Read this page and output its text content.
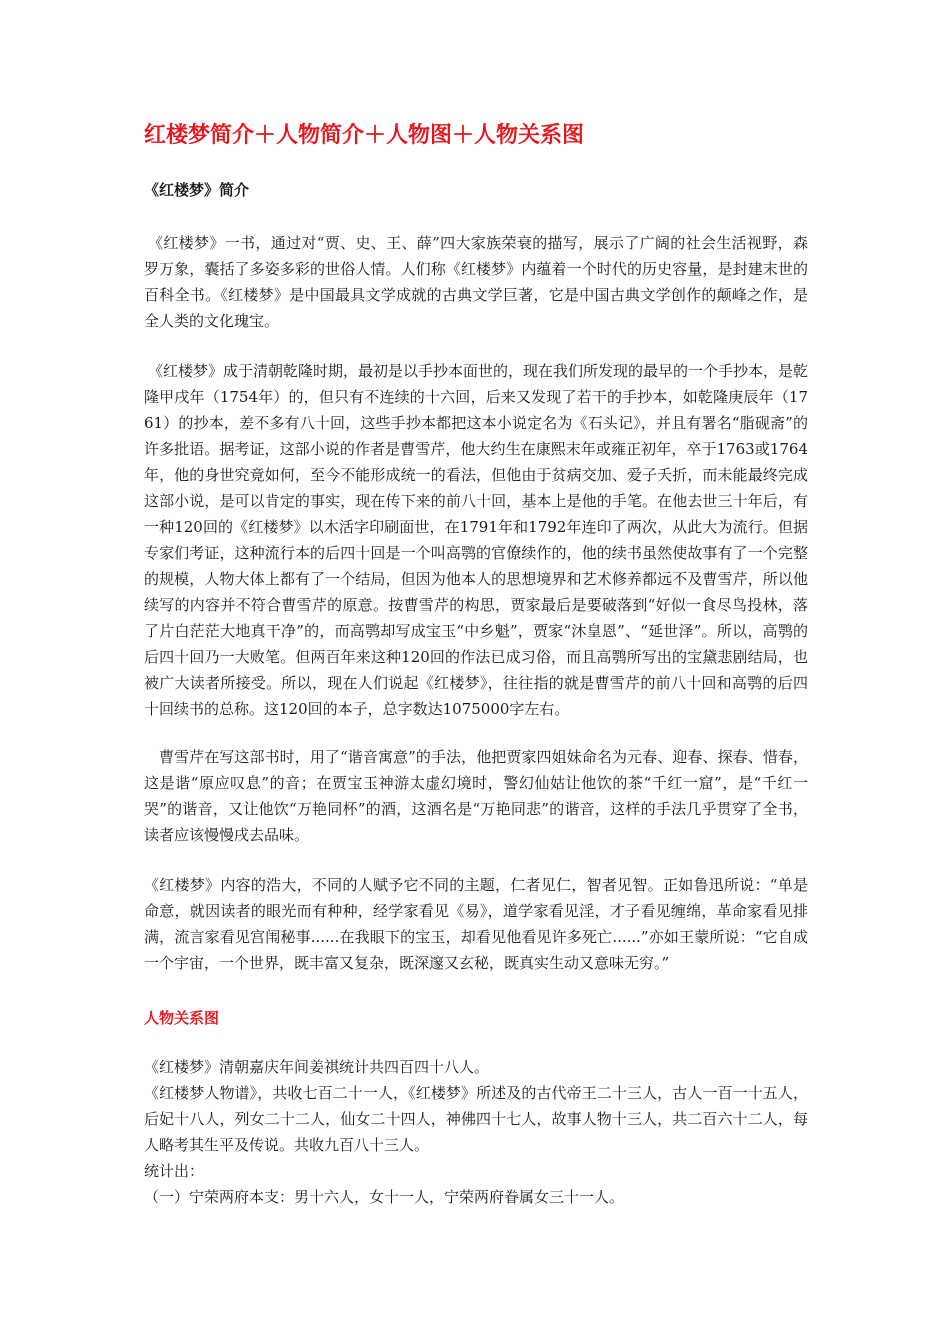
红楼梦简介＋人物简介＋人物图＋人物关系图
《红楼梦》简介

《红楼梦》一书，通过对“贾、史、王、薛”四大家族荣衰的描写，展示了广阔的社会生活视野，森罗万象，囊括了多姿多彩的世俗人情。人们称《红楼梦》内蕴着一个时代的历史容量，是封建末世的百科全书。《红楼梦》是中国最具文学成就的古典文学巨著，它是中国古典文学创作的颠峰之作，是全人类的文化瑰宝。

《红楼梦》成于清朝乾隆时期，最初是以手抄本面世的，现在我们所发现的最早的一个手抄本，是乾隆甲戌年（1754年）的，但只有不连续的十六回，后来又发现了若干的手抄本，如乾隆庚辰年（1761）的抄本，差不多有八十回，这些手抄本都把这本小说定名为《石头记》，并且有署名“脂砚斋”的许多批语。据考证，这部小说的作者是曹雪芹，他大约生在康熙末年或雍正初年，卒于1763或1764年，他的身世究竟如何，至今不能形成统一的看法，但他由于贫病交加、爱子夭折，而未能最终完成这部小说，是可以肯定的事实，现在传下来的前八十回，基本上是他的手笔。在他去世三十年后，有一种120回的《红楼梦》以木活字印刷面世，在1791年和1792年连印了两次，从此大为流行。但据专家们考证，这种流行本的后四十回是一个叫高鹗的官僚续作的，他的续书虽然使故事有了一个完整的规模，人物大体上都有了一个结局，但因为他本人的思想境界和艺术修养都远不及曹雪芹，所以他续写的内容并不符合曹雪芹的原意。按曹雪芹的构思，贾家最后是要破落到“好似一食尽鸟投林，落了片白茫茫大地真干净”的，而高鹗却写成宝玉“中乡魁”，贾家“沐皇恩”、“延世泽”。所以，高鹗的后四十回乃一大败笔。但两百年来这种120回的作法已成习俗，而且高鹗所写出的宝黛悲剧结局，也被广大读者所接受。所以，现在人们说起《红楼梦》，往往指的就是曹雪芹的前八十回和高鹗的后四十回续书的总称。这120回的本子，总字数达1075000字左右。

曹雪芹在写这部书时，用了“谐音寓意”的手法，他把贾家四姐妹命名为元春、迎春、探春、惜春，这是谐“原应叹息”的音；在贾宝玉神游太虚幻境时，警幻仙姑让他饮的茶“千红一窟”，是“千红一哭”的谐音，又让他饮“万艳同杯”的酒，这酒名是“万艳同悲”的谐音，这样的手法几乎贯穿了全书，读者应该慢慢戌去品味。

《红楼梦》内容的浩大，不同的人赋予它不同的主题，仁者见仁，智者见智。正如鲁迅所说：“单是命意，就因读者的眼光而有种种，经学家看见《易》，道学家看见淫，才子看见缠绵，革命家看见排满，流言家看见宫闱秘事......在我眼下的宝玉，却看见他看见许多死亡......”亦如王蒙所说：“它自成一个宇宙，一个世界，既丰富又复杂，既深邃又玄秘，既真实生动又意味无穷。”

人物关系图

《红楼梦》清朝嘉庆年间姜祺统计共四百四十八人。

《红楼梦人物谱》，共收七百二十一人，《红楼梦》所述及的古代帝王二十三人，古人一百一十五人，后妃十八人，列女二十二人，仙女二十四人，神佛四十七人，故事人物十三人，共二百六十二人，每人略考其生平及传说。共收九百八十三人。

统计出：

（一）宁荣两府本支：男十六人，女十一人，宁荣两府眷属女三十一人。
